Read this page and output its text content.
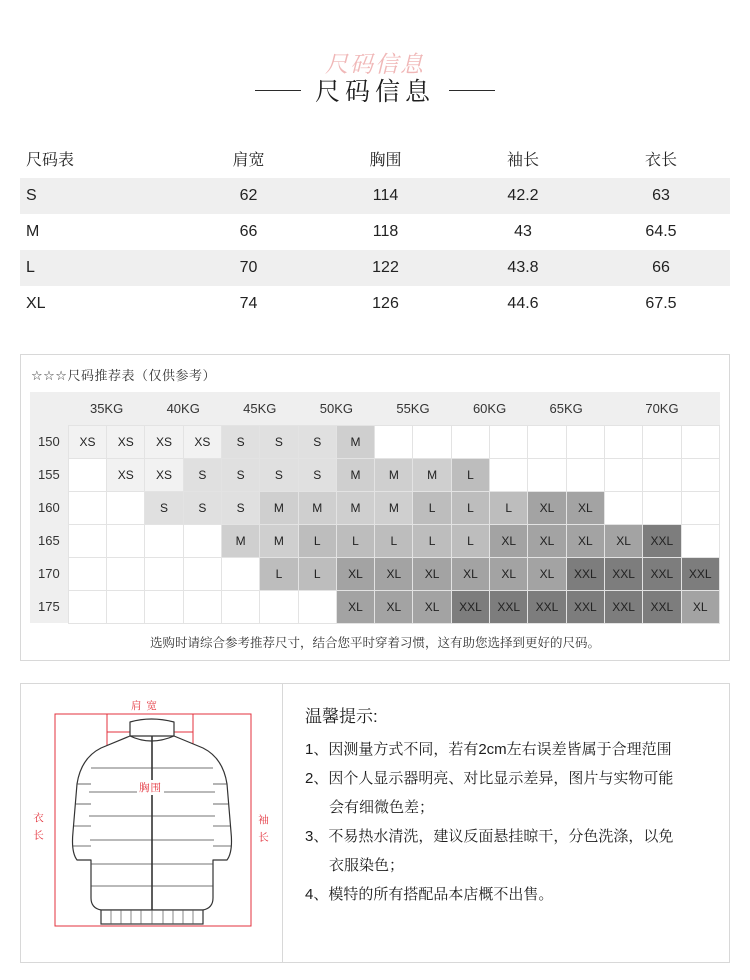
尺码信息
尺码信息
尺码表	肩宽	胸围	袖长	衣长
S	62	114	42.2	63
M	66	118	43	64.5
L	70	122	43.8	66
XL	74	126	44.6	67.5
☆☆☆尺码推荐表（仅供参考）
	35KG		40KG		45KG		50KG		55KG		60KG		65KG		70KG		
150	XS	XS	XS	XS	S	S	S	M									
155		XS	XS	S	S	S	S	M	M	M	L						
160			S	S	S	M	M	M	M	L	L	L	XL	XL			
165					M	M	L	L	L	L	L	XL	XL	XL	XL	XXL	
170						L	L	XL	XL	XL	XL	XL	XL	XXL	XXL	XXL	XXL
175								XL	XL	XL	XXL	XXL	XXL	XXL	XXL	XXL	XL
选购时请综合参考推荐尺寸，结合您平时穿着习惯，这有助您选择到更好的尺码。
肩 宽
胸围
衣 长	袖 长
温馨提示:
1、因测量方式不同，若有2cm左右误差皆属于合理范围
2、因个人显示器明亮、对比显示差异，图片与实物可能
会有细微色差；
3、不易热水清洗，建议反面悬挂晾干，分色洗涤，以免
衣服染色；
4、模特的所有搭配品本店概不出售。
